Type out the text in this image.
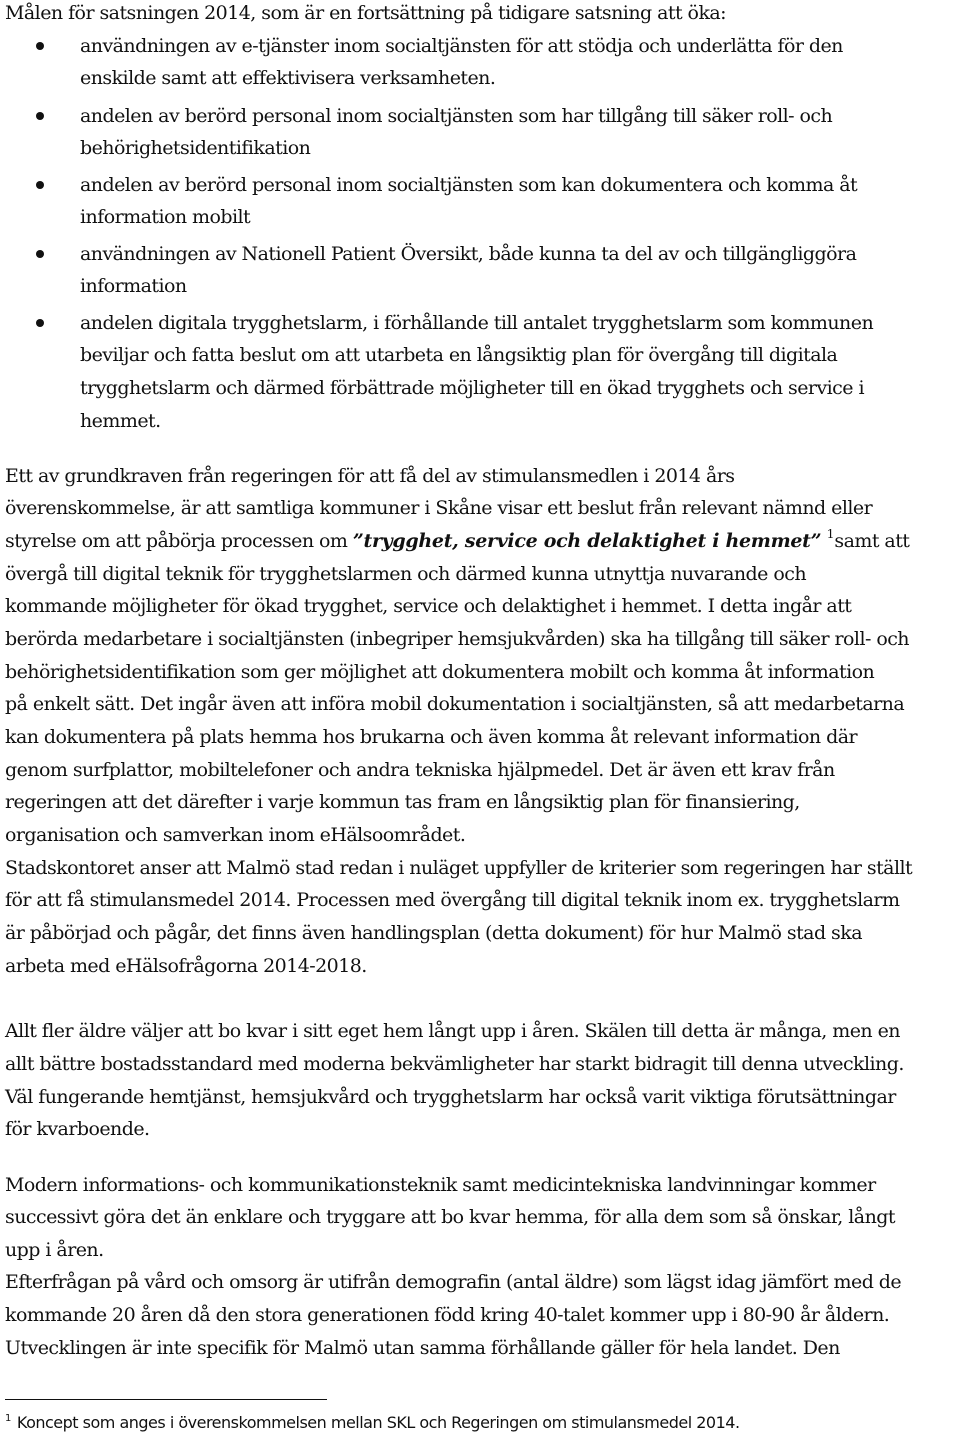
Målen för satsningen 2014, som är en fortsättning på tidigare satsning att öka:
användningen av e-tjänster inom socialtjänsten för att stödja och underlätta för den
enskilde samt att effektivisera verksamheten.
andelen av berörd personal inom socialtjänsten som har tillgång till säker roll- och
behörighetsidentifikation
andelen av berörd personal inom socialtjänsten som kan dokumentera och komma åt
information mobilt
användningen av Nationell Patient Översikt, både kunna ta del av och tillgängliggöra
information
andelen digitala trygghetslarm, i förhållande till antalet trygghetslarm som kommunen
beviljar och fatta beslut om att utarbeta en långsiktig plan för övergång till digitala
trygghetslarm och därmed förbättrade möjligheter till en ökad trygghets och service i
hemmet.
Ett av grundkraven från regeringen för att få del av stimulansmedlen i 2014 års
överenskommelse, är att samtliga kommuner i Skåne visar ett beslut från relevant nämnd eller
styrelse om att påbörja processen om ”trygghet, service och delaktighet i hemmet” $^1$samt att
övergå till digital teknik för trygghetslarmen och därmed kunna utnyttja nuvarande och
kommande möjligheter för ökad trygghet, service och delaktighet i hemmet. I detta ingår att
berörda medarbetare i socialtjänsten (inbegriper hemsjukvården) ska ha tillgång till säker roll- och
behörighetsidentifikation som ger möjlighet att dokumentera mobilt och komma åt information
på enkelt sätt. Det ingår även att införa mobil dokumentation i socialtjänsten, så att medarbetarna
kan dokumentera på plats hemma hos brukarna och även komma åt relevant information där
genom surfplattor, mobiltelefoner och andra tekniska hjälpmedel. Det är även ett krav från
regeringen att det därefter i varje kommun tas fram en långsiktig plan för finansiering,
organisation och samverkan inom eHälsoområdet.
Stadskontoret anser att Malmö stad redan i nuläget uppfyller de kriterier som regeringen har ställt
för att få stimulansmedel 2014. Processen med övergång till digital teknik inom ex. trygghetslarm
är påbörjad och pågår, det finns även handlingsplan (detta dokument) för hur Malmö stad ska
arbeta med eHälsofrågorna 2014-2018.
Allt fler äldre väljer att bo kvar i sitt eget hem långt upp i åren. Skälen till detta är många, men en
allt bättre bostadsstandard med moderna bekvämligheter har starkt bidragit till denna utveckling.
Väl fungerande hemtjänst, hemsjukvård och trygghetslarm har också varit viktiga förutsättningar
för kvarboende.
Modern informations- och kommunikationsteknik samt medicintekniska landvinningar kommer
successivt göra det än enklare och tryggare att bo kvar hemma, för alla dem som så önskar, långt
upp i åren.
Efterfrågan på vård och omsorg är utifrån demografin (antal äldre) som lägst idag jämfört med de
kommande 20 åren då den stora generationen född kring 40-talet kommer upp i 80-90 år åldern.
Utvecklingen är inte specifik för Malmö utan samma förhållande gäller för hela landet. Den
$^1$ Koncept som anges i överenskommelsen mellan SKL och Regeringen om stimulansmedel 2014.
